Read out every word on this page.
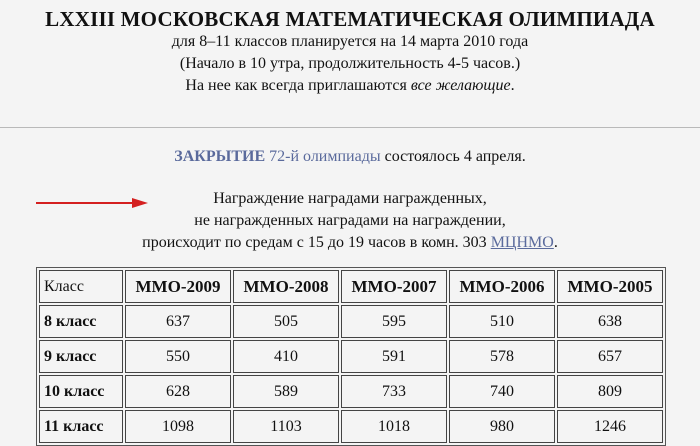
LXXIII МОСКОВСКАЯ МАТЕМАТИЧЕСКАЯ ОЛИМПИАДА
для 8–11 классов планируется на 14 марта 2010 года
(Начало в 10 утра, продолжительность 4-5 часов.)
На нее как всегда приглашаются все желающие.
ЗАКРЫТИЕ 72-й олимпиады состоялось 4 апреля.
Награждение наградами награжденных,
не награжденных наградами на награждении,
происходит по средам с 15 до 19 часов в комн. 303 МЦНМО.
Класс	ММО-2009	ММО-2008	ММО-2007	ММО-2006	ММО-2005
8 класс	637	505	595	510	638
9 класс	550	410	591	578	657
10 класс	628	589	733	740	809
11 класс	1098	1103	1018	980	1246
